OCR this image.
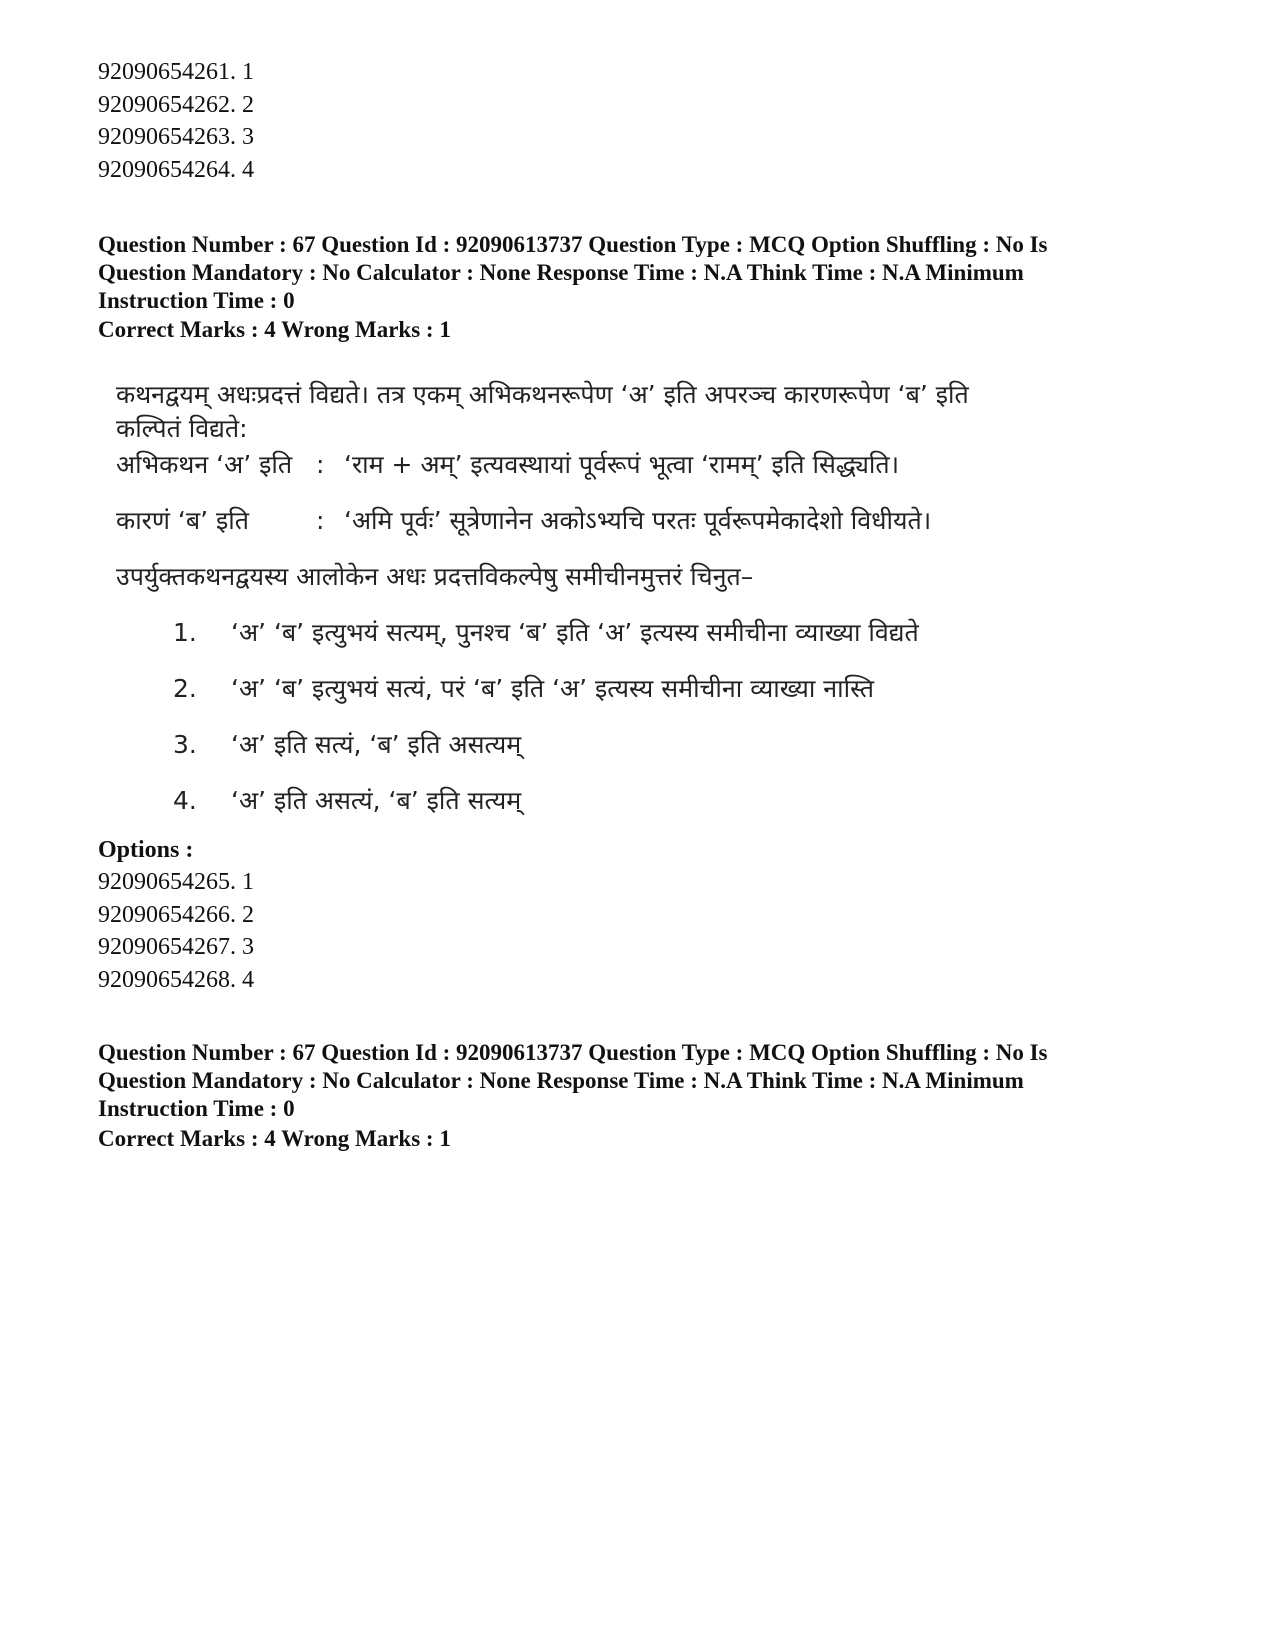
92090654261. 1
92090654262. 2
92090654263. 3
92090654264. 4
Question Number : 67 Question Id : 92090613737 Question Type : MCQ Option Shuffling : No Is
Question Mandatory : No Calculator : None Response Time : N.A Think Time : N.A Minimum
Instruction Time : 0
Correct Marks : 4 Wrong Marks : 1
कथनद्वयम् अधःप्रदत्तं विद्यते। तत्र एकम् अभिकथनरूपेण ‘अ’ इति अपरञ्च कारणरूपेण ‘ब’ इति
कल्पितं विद्यते:
अभिकथन ‘अ’ इति : ‘राम + अम्’ इत्यवस्थायां पूर्वरूपं भूत्वा ‘रामम्’ इति सिद्ध्यति।
कारणं ‘ब’ इति	: ‘अमि पूर्वः’ सूत्रेणानेन अकोऽभ्यचि परतः पूर्वरूपमेकादेशो विधीयते।
उपर्युक्तकथनद्वयस्य आलोकेन अधः प्रदत्तविकल्पेषु समीचीनमुत्तरं चिनुत–
1. ‘अ’ ‘ब’ इत्युभयं सत्यम्, पुनश्च ‘ब’ इति ‘अ’ इत्यस्य समीचीना व्याख्या विद्यते
2. ‘अ’ ‘ब’ इत्युभयं सत्यं, परं ‘ब’ इति ‘अ’ इत्यस्य समीचीना व्याख्या नास्ति
3. ‘अ’ इति सत्यं, ‘ब’ इति असत्यम्
4. ‘अ’ इति असत्यं, ‘ब’ इति सत्यम्
Options :
92090654265. 1
92090654266. 2
92090654267. 3
92090654268. 4
Question Number : 67 Question Id : 92090613737 Question Type : MCQ Option Shuffling : No Is
Question Mandatory : No Calculator : None Response Time : N.A Think Time : N.A Minimum
Instruction Time : 0
Correct Marks : 4 Wrong Marks : 1
